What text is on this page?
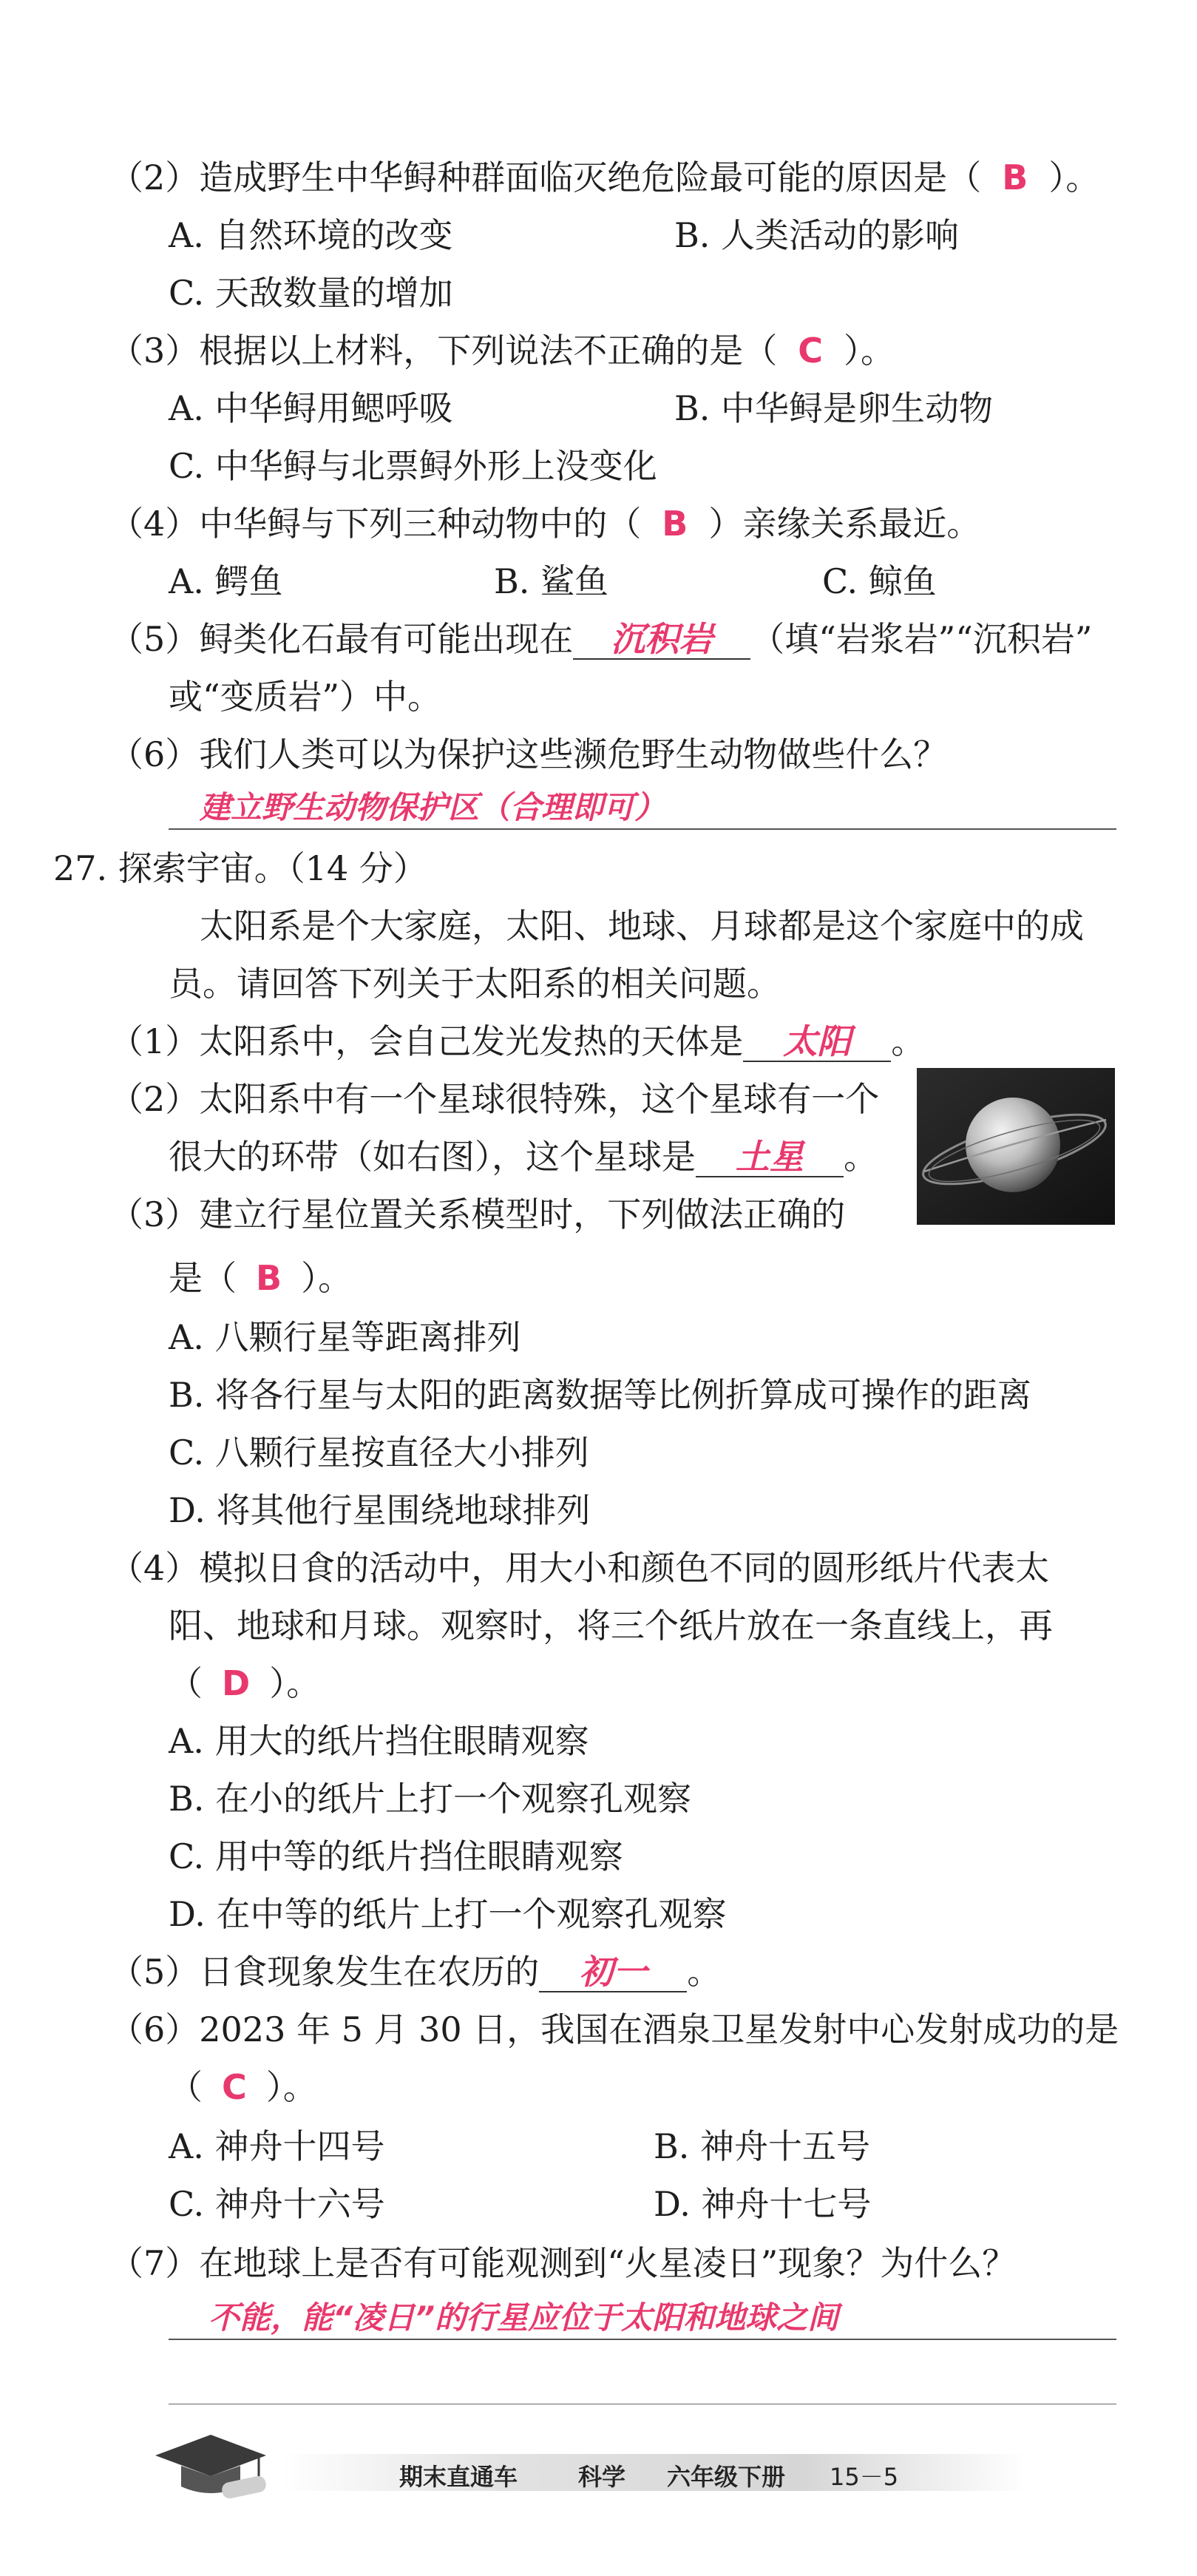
（2）造成野生中华鲟种群面临灭绝危险最可能的原因是（ B ）。
A. 自然环境的改变	B. 人类活动的影响
C. 天敌数量的增加
（3）根据以上材料，下列说法不正确的是（ C ）。
A. 中华鲟用鳃呼吸	B. 中华鲟是卵生动物
C. 中华鲟与北票鲟外形上没变化
（4）中华鲟与下列三种动物中的（ B ）亲缘关系最近。
A. 鳄鱼	B. 鲨鱼	C. 鲸鱼
（5）鲟类化石最有可能出现在 沉积岩 （填“岩浆岩”“沉积岩”
或“变质岩”）中。
（6）我们人类可以为保护这些濒危野生动物做些什么？
建立野生动物保护区（合理即可）
27. 探索宇宙。（14 分）
太阳系是个大家庭，太阳、地球、月球都是这个家庭中的成
员。请回答下列关于太阳系的相关问题。
（1）太阳系中，会自己发光发热的天体是 太阳 。
（2）太阳系中有一个星球很特殊，这个星球有一个
很大的环带（如右图），这个星球是 土星 。
（3）建立行星位置关系模型时，下列做法正确的
是（ B ）。
A. 八颗行星等距离排列
B. 将各行星与太阳的距离数据等比例折算成可操作的距离
C. 八颗行星按直径大小排列
D. 将其他行星围绕地球排列
（4）模拟日食的活动中，用大小和颜色不同的圆形纸片代表太
阳、地球和月球。观察时，将三个纸片放在一条直线上，再
（ D ）。
A. 用大的纸片挡住眼睛观察
B. 在小的纸片上打一个观察孔观察
C. 用中等的纸片挡住眼睛观察
D. 在中等的纸片上打一个观察孔观察
（5）日食现象发生在农历的 初一 。
（6）2023 年 5 月 30 日，我国在酒泉卫星发射中心发射成功的是
（ C ）。
A. 神舟十四号	B. 神舟十五号
C. 神舟十六号	D. 神舟十七号
（7）在地球上是否有可能观测到“火星凌日”现象？为什么？
不能，能“凌日”的行星应位于太阳和地球之间
期末直通车	科学 六年级下册 15－5
